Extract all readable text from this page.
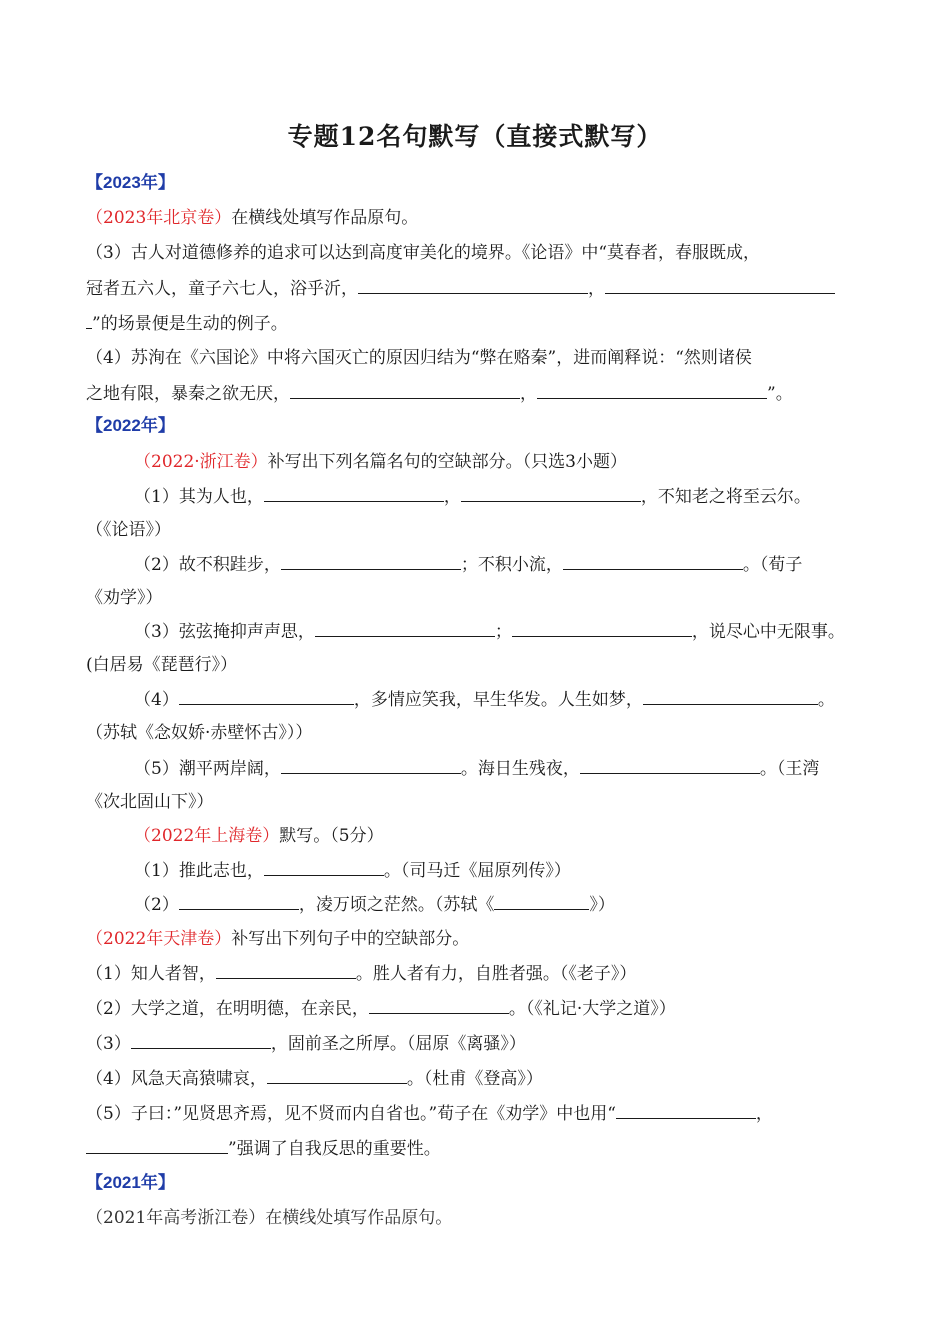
专题12名句默写（直接式默写）
【2023年】
（2023年北京卷）在横线处填写作品原句。
（3）古人对道德修养的追求可以达到高度审美化的境界。《论语》中“莫春者，春服既成，
冠者五六人，童子六七人，浴乎沂，	，
”的场景便是生动的例子。
（4）苏洵在《六国论》中将六国灭亡的原因归结为“弊在赂秦”，进而阐释说：“然则诸侯
之地有限，暴秦之欲无厌，	，	”。
【2022年】
（2022·浙江卷）补写出下列名篇名句的空缺部分。（只选3小题）
（1）其为人也，	，	，不知老之将至云尔。
（《论语》）
（2）故不积跬步，	；不积小流，	。（荀子
《劝学》）
（3）弦弦掩抑声声思，	；	，说尽心中无限事。
(白居易《琵琶行》）
（4）	，多情应笑我，早生华发。人生如梦，	。
（苏轼《念奴娇·赤壁怀古》））
（5）潮平两岸阔，	。海日生残夜，	。（王湾
《次北固山下》）
（2022年上海卷）默写。（5分）
（1）推此志也，	。（司马迁《屈原列传》）
（2）	，凌万顷之茫然。（苏轼《	》）
（2022年天津卷）补写出下列句子中的空缺部分。
（1）知人者智，	。胜人者有力，自胜者强。（《老子》）
（2）大学之道，在明明德，在亲民，	。（《礼记·大学之道》）
（3）	，固前圣之所厚。（屈原《离骚》）
（4）风急天高猿啸哀，	。（杜甫《登高》）
（5）子曰：”见贤思齐焉，见不贤而内自省也。”荀子在《劝学》中也用“	，
”强调了自我反思的重要性。
【2021年】
（2021年高考浙江卷）在横线处填写作品原句。
